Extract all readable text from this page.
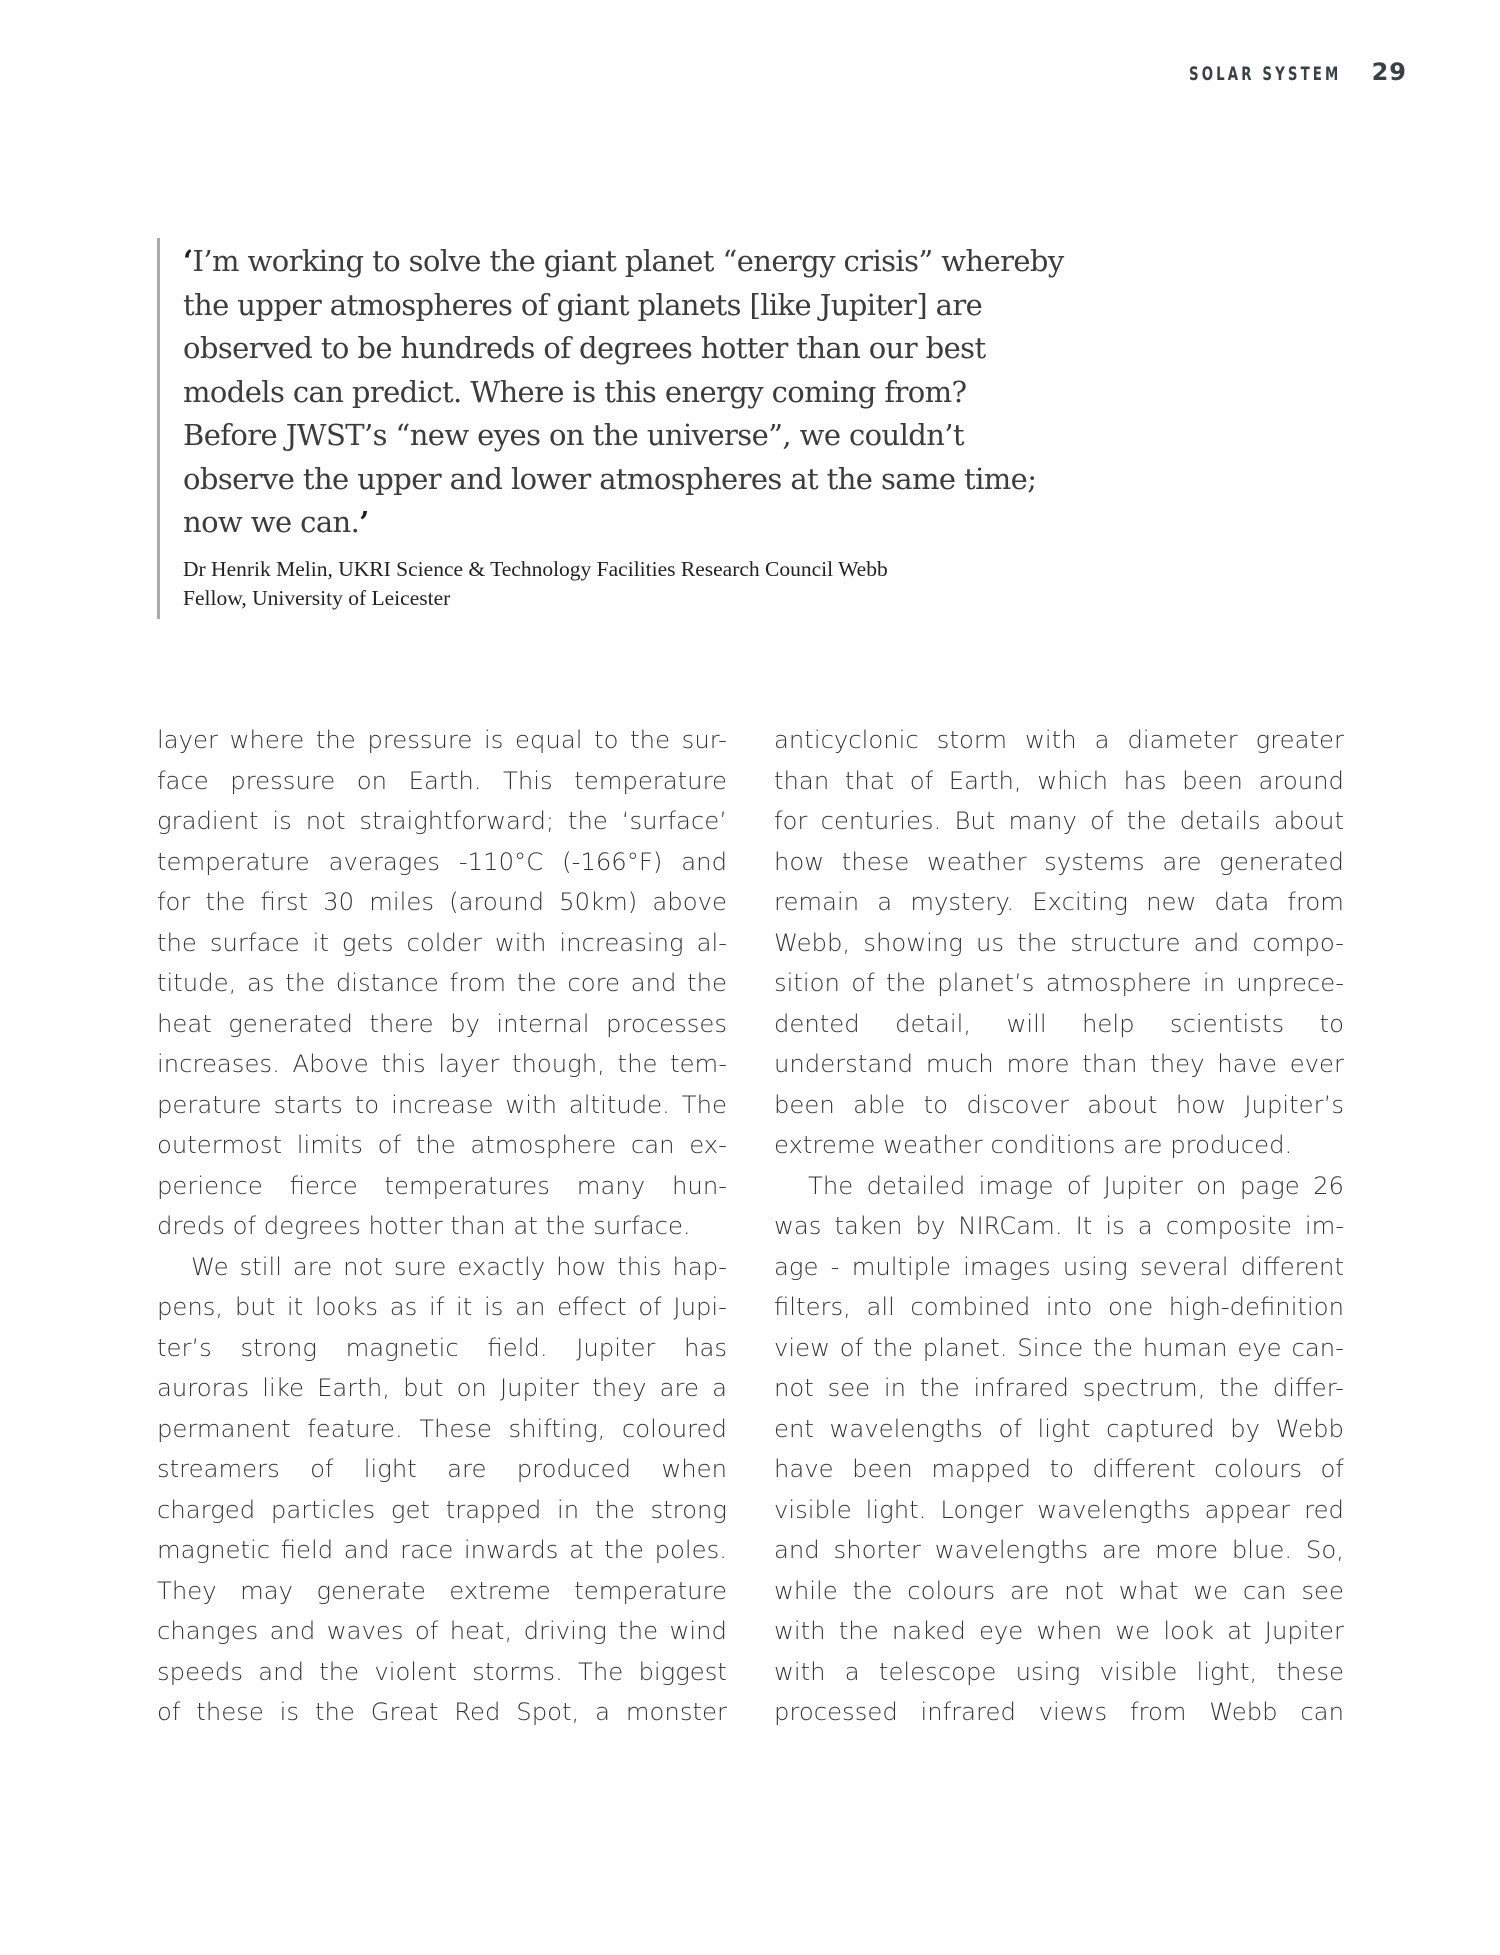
SOLAR SYSTEM 29

‘I’m working to solve the giant planet “energy crisis” whereby
the upper atmospheres of giant planets [like Jupiter] are
observed to be hundreds of degrees hotter than our best
models can predict. Where is this energy coming from?
Before JWST’s “new eyes on the universe”, we couldn’t
observe the upper and lower atmospheres at the same time;
now we can.’

Dr Henrik Melin, UKRI Science & Technology Facilities Research Council Webb
Fellow, University of Leicester
layer where the pressure is equal to the sur-
face pressure on Earth. This temperature
gradient is not straightforward; the ‘surface’
temperature averages -110°C (-166°F) and
for the first 30 miles (around 50km) above
the surface it gets colder with increasing al-
titude, as the distance from the core and the
heat generated there by internal processes
increases. Above this layer though, the tem-
perature starts to increase with altitude. The
outermost limits of the atmosphere can ex-
perience fierce temperatures many hun-
dreds of degrees hotter than at the surface.
We still are not sure exactly how this hap-
pens, but it looks as if it is an effect of Jupi-
ter’s strong magnetic field. Jupiter has
auroras like Earth, but on Jupiter they are a
permanent feature. These shifting, coloured
streamers of light are produced when
charged particles get trapped in the strong
magnetic field and race inwards at the poles.
They may generate extreme temperature
changes and waves of heat, driving the wind
speeds and the violent storms. The biggest
of these is the Great Red Spot, a monster
anticyclonic storm with a diameter greater
than that of Earth, which has been around
for centuries. But many of the details about
how these weather systems are generated
remain a mystery. Exciting new data from
Webb, showing us the structure and compo-
sition of the planet’s atmosphere in unprece-
dented detail, will help scientists to
understand much more than they have ever
been able to discover about how Jupiter’s
extreme weather conditions are produced.
The detailed image of Jupiter on page 26
was taken by NIRCam. It is a composite im-
age - multiple images using several different
filters, all combined into one high-definition
view of the planet. Since the human eye can-
not see in the infrared spectrum, the differ-
ent wavelengths of light captured by Webb
have been mapped to different colours of
visible light. Longer wavelengths appear red
and shorter wavelengths are more blue. So,
while the colours are not what we can see
with the naked eye when we look at Jupiter
with a telescope using visible light, these
processed infrared views from Webb can
